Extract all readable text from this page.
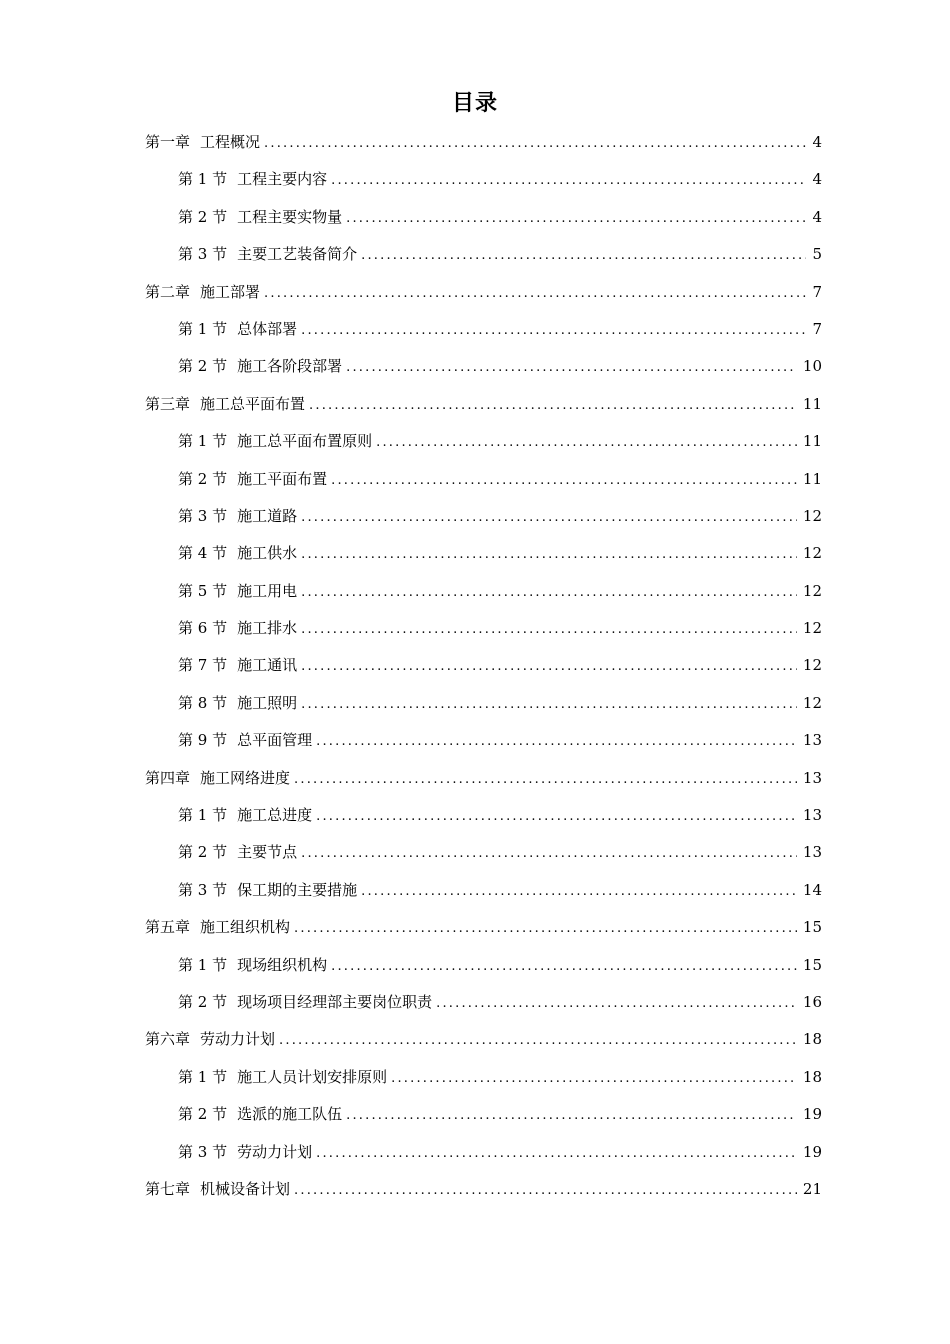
目录
第一章 工程概况 .....	4
第 1 节 工程主要内容 .....	4
第 2 节 工程主要实物量 .....	4
第 3 节 主要工艺装备简介 .....	5
第二章 施工部署 .....	7
第 1 节 总体部署 .....	7
第 2 节 施工各阶段部署 .....	10
第三章 施工总平面布置 .....	11
第 1 节 施工总平面布置原则 .....	11
第 2 节 施工平面布置 .....	11
第 3 节 施工道路 .....	12
第 4 节 施工供水 .....	12
第 5 节 施工用电 .....	12
第 6 节 施工排水 .....	12
第 7 节 施工通讯 .....	12
第 8 节 施工照明 .....	12
第 9 节 总平面管理 .....	13
第四章 施工网络进度 .....	13
第 1 节 施工总进度 .....	13
第 2 节 主要节点 .....	13
第 3 节 保工期的主要措施 .....	14
第五章 施工组织机构 .....	15
第 1 节 现场组织机构 .....	15
第 2 节 现场项目经理部主要岗位职责 .....	16
第六章 劳动力计划 .....	18
第 1 节 施工人员计划安排原则 .....	18
第 2 节 选派的施工队伍 .....	19
第 3 节 劳动力计划 .....	19
第七章 机械设备计划 .....	21
